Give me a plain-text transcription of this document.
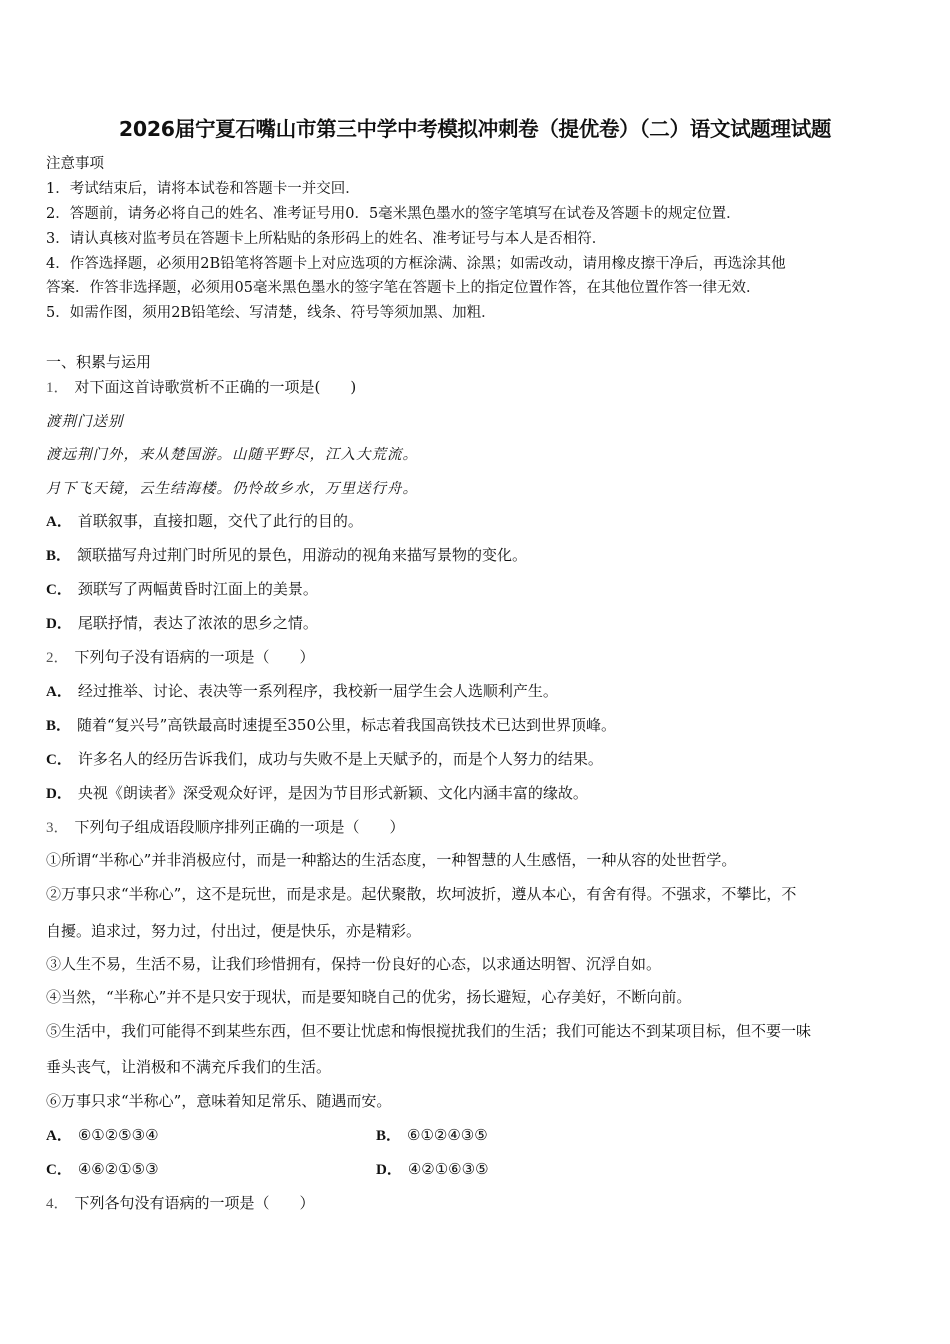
2026届宁夏石嘴山市第三中学中考模拟冲刺卷（提优卷）（二）语文试题理试题
注意事项
1．考试结束后，请将本试卷和答题卡一并交回．
2．答题前，请务必将自己的姓名、准考证号用0．5毫米黑色墨水的签字笔填写在试卷及答题卡的规定位置．
3．请认真核对监考员在答题卡上所粘贴的条形码上的姓名、准考证号与本人是否相符．
4．作答选择题，必须用2B铅笔将答题卡上对应选项的方框涂满、涂黑；如需改动，请用橡皮擦干净后，再选涂其他
答案．作答非选择题，必须用05毫米黑色墨水的签字笔在答题卡上的指定位置作答，在其他位置作答一律无效．
5．如需作图，须用2B铅笔绘、写清楚，线条、符号等须加黑、加粗．
一、积累与运用
1． 对下面这首诗歌赏析不正确的一项是(　　)
渡荆门送别
渡远荆门外，来从楚国游。山随平野尽，江入大荒流。
月下飞天镜，云生结海楼。仍怜故乡水，万里送行舟。
A． 首联叙事，直接扣题，交代了此行的目的。
B． 颔联描写舟过荆门时所见的景色，用游动的视角来描写景物的变化。
C． 颈联写了两幅黄昏时江面上的美景。
D． 尾联抒情，表达了浓浓的思乡之情。
2． 下列句子没有语病的一项是（　　）
A． 经过推举、讨论、表决等一系列程序，我校新一届学生会人选顺利产生。
B． 随着“复兴号”高铁最高时速提至350公里，标志着我国高铁技术已达到世界顶峰。
C． 许多名人的经历告诉我们，成功与失败不是上天赋予的，而是个人努力的结果。
D． 央视《朗读者》深受观众好评，是因为节目形式新颖、文化内涵丰富的缘故。
3． 下列句子组成语段顺序排列正确的一项是（　　）
①所谓“半称心”并非消极应付，而是一种豁达的生活态度，一种智慧的人生感悟，一种从容的处世哲学。
②万事只求“半称心”，这不是玩世，而是求是。起伏聚散，坎坷波折，遵从本心，有舍有得。不强求，不攀比，不
自擾。追求过，努力过，付出过，便是快乐，亦是精彩。
③人生不易，生活不易，让我们珍惜拥有，保持一份良好的心态，以求通达明智、沉浮自如。
④当然，“半称心”并不是只安于现状，而是要知晓自己的优劣，扬长避短，心存美好，不断向前。
⑤生活中，我们可能得不到某些东西，但不要让忧虑和悔恨搅扰我们的生活；我们可能达不到某项目标，但不要一味
垂头丧气，让消极和不满充斥我们的生活。
⑥万事只求“半称心”，意味着知足常乐、随遇而安。
A． ⑥①②⑤③④	B． ⑥①②④③⑤
C． ④⑥②①⑤③	D． ④②①⑥③⑤
4． 下列各句没有语病的一项是（　　）
